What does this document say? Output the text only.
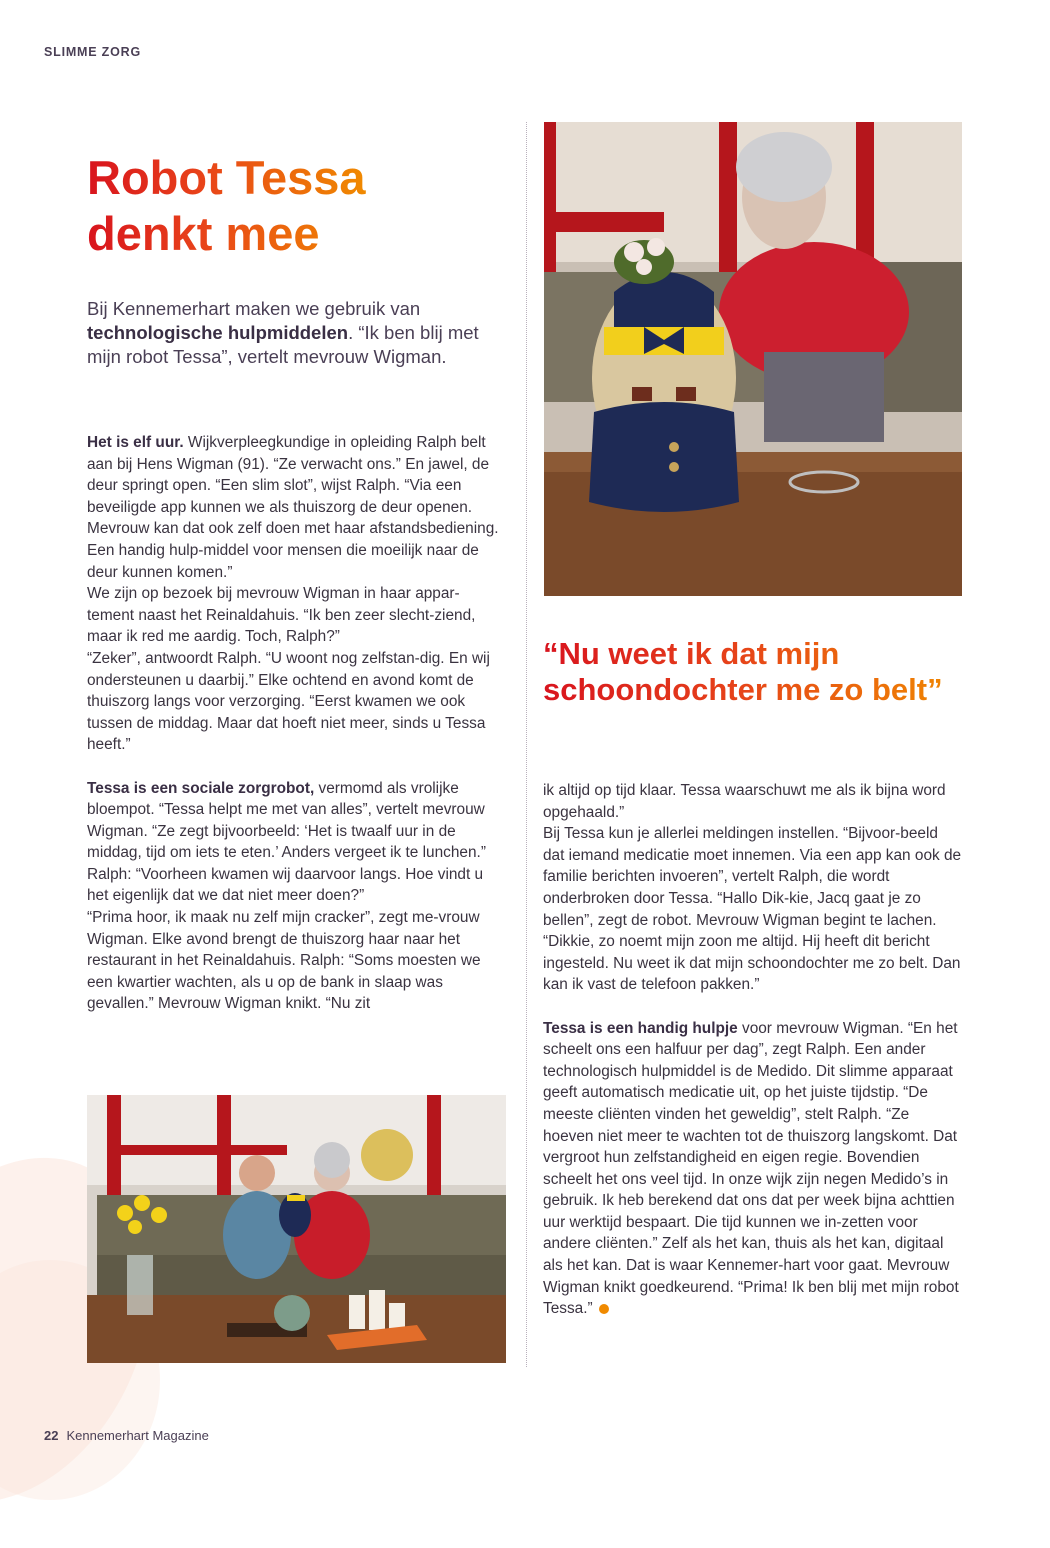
SLIMME ZORG
Robot Tessa
denkt mee

Bij Kennemerhart maken we gebruik van technologische hulpmiddelen. “Ik ben blij met mijn robot Tessa”, vertelt mevrouw Wigman.

Het is elf uur. Wijkverpleegkundige in opleiding Ralph belt aan bij Hens Wigman (91). “Ze verwacht ons.” En jawel, de deur springt open. “Een slim slot”, wijst Ralph. “Via een beveiligde app kunnen we als thuiszorg de deur openen. Mevrouw kan dat ook zelf doen met haar afstandsbediening. Een handig hulp-middel voor mensen die moeilijk naar de deur kunnen komen.”

We zijn op bezoek bij mevrouw Wigman in haar appar-tement naast het Reinaldahuis. “Ik ben zeer slecht-ziend, maar ik red me aardig. Toch, Ralph?”

“Zeker”, antwoordt Ralph. “U woont nog zelfstan-dig. En wij ondersteunen u daarbij.” Elke ochtend en avond komt de thuiszorg langs voor verzorging. “Eerst kwamen we ook tussen de middag. Maar dat hoeft niet meer, sinds u Tessa heeft.”

Tessa is een sociale zorgrobot, vermomd als vrolijke bloempot. “Tessa helpt me met van alles”, vertelt mevrouw Wigman. “Ze zegt bijvoorbeeld: ‘Het is twaalf uur in de middag, tijd om iets te eten.’ Anders vergeet ik te lunchen.” Ralph: “Voorheen kwamen wij daarvoor langs. Hoe vindt u het eigenlijk dat we dat niet meer doen?”

“Prima hoor, ik maak nu zelf mijn cracker”, zegt me-vrouw Wigman. Elke avond brengt de thuiszorg haar naar het restaurant in het Reinaldahuis. Ralph: “Soms moesten we een kwartier wachten, als u op de bank in slaap was gevallen.” Mevrouw Wigman knikt. “Nu zit

“Nu weet ik dat mijn schoondochter me zo belt”

ik altijd op tijd klaar. Tessa waarschuwt me als ik bijna word opgehaald.”

Bij Tessa kun je allerlei meldingen instellen. “Bijvoor-beeld dat iemand medicatie moet innemen. Via een app kan ook de familie berichten invoeren”, vertelt Ralph, die wordt onderbroken door Tessa. “Hallo Dik-kie, Jacq gaat je zo bellen”, zegt de robot. Mevrouw Wigman begint te lachen. “Dikkie, zo noemt mijn zoon me altijd. Hij heeft dit bericht ingesteld. Nu weet ik dat mijn schoondochter me zo belt. Dan kan ik vast de telefoon pakken.”

Tessa is een handig hulpje voor mevrouw Wigman. “En het scheelt ons een halfuur per dag”, zegt Ralph. Een ander technologisch hulpmiddel is de Medido. Dit slimme apparaat geeft automatisch medicatie uit, op het juiste tijdstip. “De meeste cliënten vinden het geweldig”, stelt Ralph. “Ze hoeven niet meer te wachten tot de thuiszorg langskomt. Dat vergroot hun zelfstandigheid en eigen regie. Bovendien scheelt het ons veel tijd. In onze wijk zijn negen Medido’s in gebruik. Ik heb berekend dat ons dat per week bijna achttien uur werktijd bespaart. Die tijd kunnen we in-zetten voor andere cliënten.” Zelf als het kan, thuis als het kan, digitaal als het kan. Dat is waar Kennemer-hart voor gaat. Mevrouw Wigman knikt goedkeurend. “Prima! Ik ben blij met mijn robot Tessa.”

22 Kennemerhart Magazine
